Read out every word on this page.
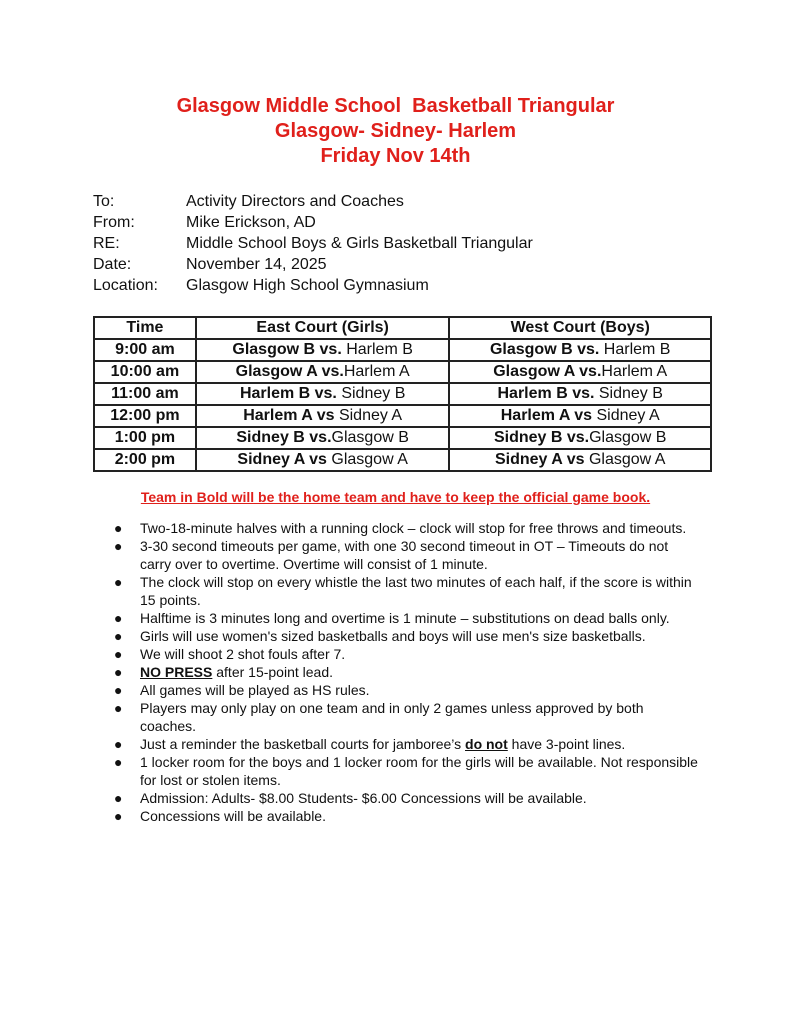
Glasgow Middle School  Basketball Triangular
Glasgow- Sidney- Harlem
Friday Nov 14th
To:	Activity Directors and Coaches
From:	Mike Erickson, AD
RE:	Middle School Boys & Girls Basketball Triangular
Date:	November 14, 2025
Location:	Glasgow High School Gymnasium
Time	East Court (Girls)	West Court (Boys)
9:00 am	Glasgow B vs. Harlem B	Glasgow B vs. Harlem B
10:00 am	Glasgow A vs.Harlem A	Glasgow A vs.Harlem A
11:00 am	Harlem B vs. Sidney B	Harlem B vs. Sidney B
12:00 pm	Harlem A vs Sidney A	Harlem A vs Sidney A
1:00 pm	Sidney B vs.Glasgow B	Sidney B vs.Glasgow B
2:00 pm	Sidney A vs Glasgow A	Sidney A vs Glasgow A
Team in Bold will be the home team and have to keep the official game book.
● Two-18-minute halves with a running clock – clock will stop for free throws and timeouts.
● 3-30 second timeouts per game, with one 30 second timeout in OT – Timeouts do not carry over to overtime. Overtime will consist of 1 minute.
● The clock will stop on every whistle the last two minutes of each half, if the score is within 15 points.
● Halftime is 3 minutes long and overtime is 1 minute – substitutions on dead balls only.
● Girls will use women's sized basketballs and boys will use men's size basketballs.
● We will shoot 2 shot fouls after 7.
● NO PRESS after 15-point lead.
● All games will be played as HS rules.
● Players may only play on one team and in only 2 games unless approved by both coaches.
● Just a reminder the basketball courts for jamboree’s do not have 3-point lines.
● 1 locker room for the boys and 1 locker room for the girls will be available. Not responsible for lost or stolen items.
● Admission: Adults- $8.00 Students- $6.00 Concessions will be available.
● Concessions will be available.
